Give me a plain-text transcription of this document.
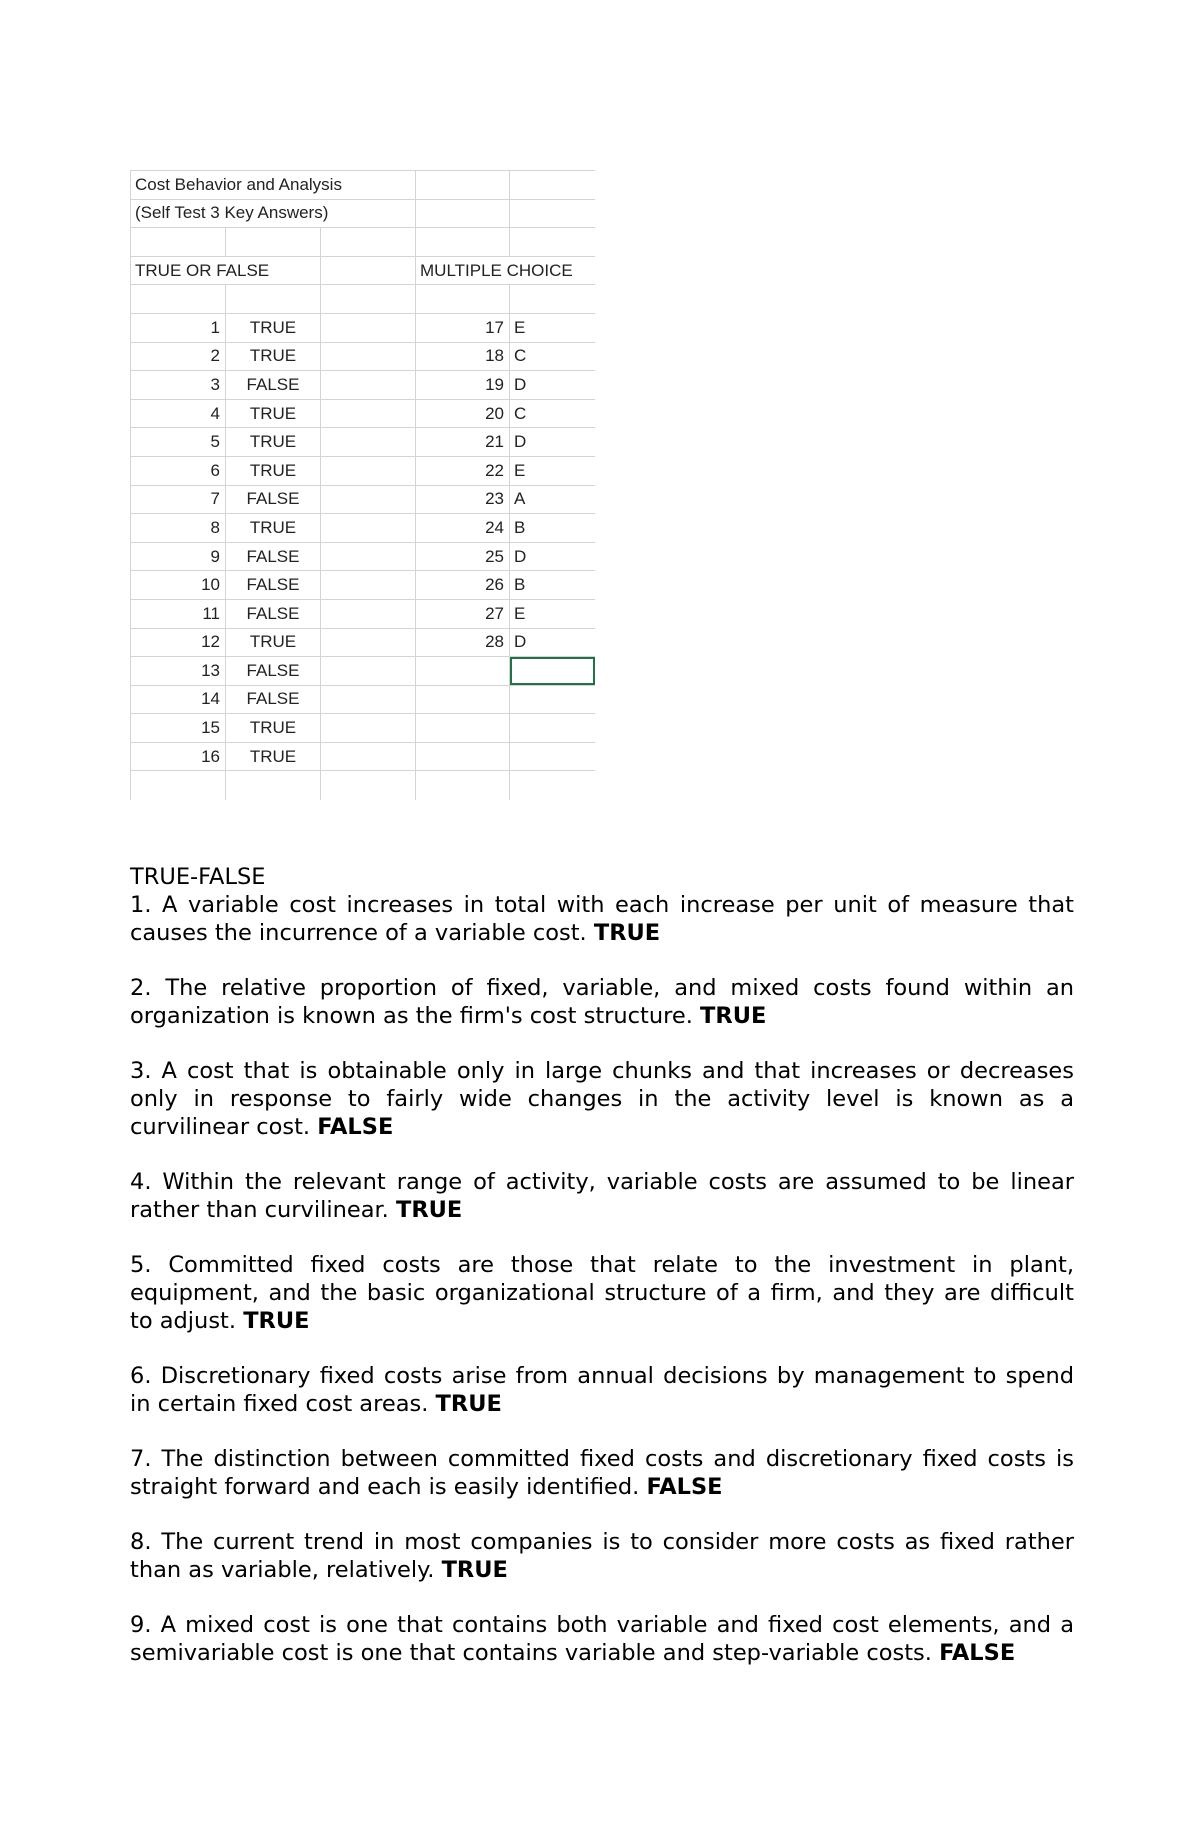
Cost Behavior and Analysis				

(Self Test 3 Key Answers)				

TRUE OR FALSE			MULTIPLE CHOICE	

1	TRUE		17	E
2	TRUE		18	C
3	FALSE		19	D
4	TRUE		20	C
5	TRUE		21	D
6	TRUE		22	E
7	FALSE		23	A
8	TRUE		24	B
9	FALSE		25	D
10	FALSE		26	B
11	FALSE		27	E
12	TRUE		28	D
13	FALSE			
14	FALSE			
15	TRUE			
16	TRUE			

TRUE-FALSE

1. A variable cost increases in total with each increase per unit of measure that causes the incurrence of a variable cost. TRUE

2. The relative proportion of fixed, variable, and mixed costs found within an organization is known as the firm's cost structure. TRUE

3. A cost that is obtainable only in large chunks and that increases or decreases only in response to fairly wide changes in the activity level is known as a curvilinear cost. FALSE

4. Within the relevant range of activity, variable costs are assumed to be linear rather than curvilinear. TRUE

5. Committed fixed costs are those that relate to the investment in plant, equipment, and the basic organizational structure of a firm, and they are difficult to adjust. TRUE

6. Discretionary fixed costs arise from annual decisions by management to spend in certain fixed cost areas. TRUE

7. The distinction between committed fixed costs and discretionary fixed costs is straight forward and each is easily identified. FALSE

8. The current trend in most companies is to consider more costs as fixed rather than as variable, relatively. TRUE

9. A mixed cost is one that contains both variable and fixed cost elements, and a semivariable cost is one that contains variable and step-variable costs. FALSE
